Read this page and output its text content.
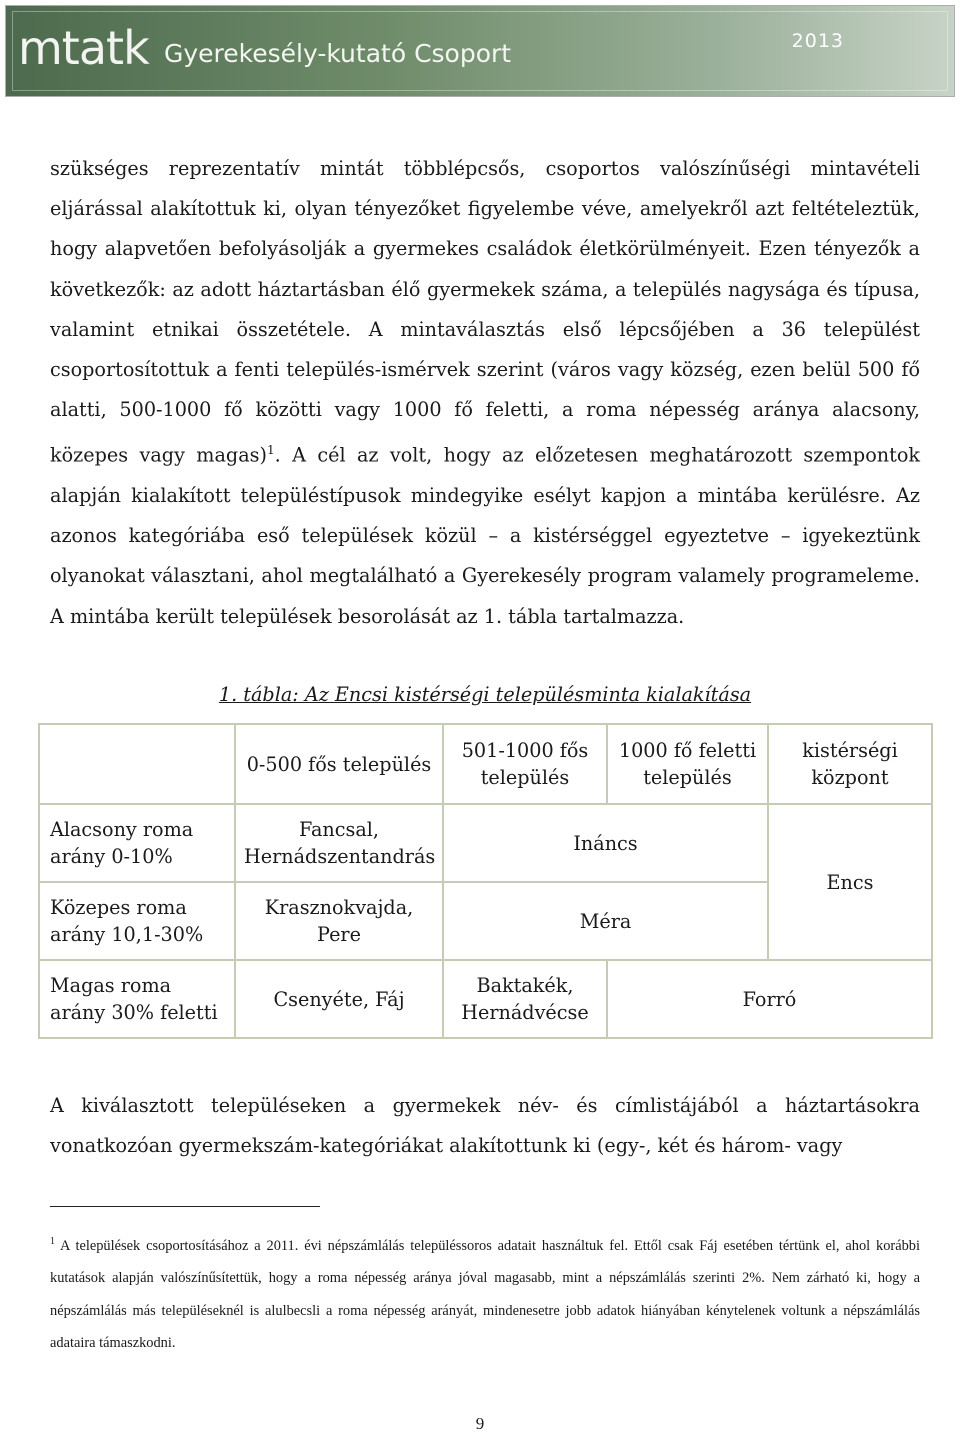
mtatk Gyerekesély-kutató Csoport	2013

szükséges reprezentatív mintát többlépcsős, csoportos valószínűségi mintavételi eljárással alakítottuk ki, olyan tényezőket figyelembe véve, amelyekről azt feltételeztük, hogy alapvetően befolyásolják a gyermekes családok életkörülményeit. Ezen tényezők a következők: az adott háztartásban élő gyermekek száma, a település nagysága és típusa, valamint etnikai összetétele. A mintaválasztás első lépcsőjében a 36 települést csoportosítottuk a fenti település-ismérvek szerint (város vagy község, ezen belül 500 fő alatti, 500-1000 fő közötti vagy 1000 fő feletti, a roma népesség aránya alacsony, közepes vagy magas)$^1$. A cél az volt, hogy az előzetesen meghatározott szempontok alapján kialakított településtípusok mindegyike esélyt kapjon a mintába kerülésre. Az azonos kategóriába eső települések közül – a kistérséggel egyeztetve – igyekeztünk olyanokat választani, ahol megtalálható a Gyerekesély program valamely programeleme. A mintába került települések besorolását az 1. tábla tartalmazza.

1. tábla: Az Encsi kistérségi településminta kialakítása
	0-500 fős település	501-1000 fős település	1000 fő feletti település	kistérségi központ
Alacsony roma arány 0-10%	Fancsal, Hernádszentandrás	Ináncs		Encs
Közepes roma arány 10,1-30%	Krasznokvajda, Pere	Méra		
Magas roma arány 30% feletti	Csenyéte, Fáj	Baktakék, Hernádvécse	Forró	
A kiválasztott településeken a gyermekek név- és címlistájából a háztartásokra vonatkozóan gyermekszám-kategóriákat alakítottunk ki (egy-, két és három- vagy
$^1$ A települések csoportosításához a 2011. évi népszámlálás településsoros adatait használtuk fel. Ettől csak Fáj esetében tértünk el, ahol korábbi kutatások alapján valószínűsítettük, hogy a roma népesség aránya jóval magasabb, mint a népszámlálás szerinti 2%. Nem zárható ki, hogy a népszámlálás más településeknél is alulbecsli a roma népesség arányát, mindenesetre jobb adatok hiányában kénytelenek voltunk a népszámlálás adataira támaszkodni.
9
